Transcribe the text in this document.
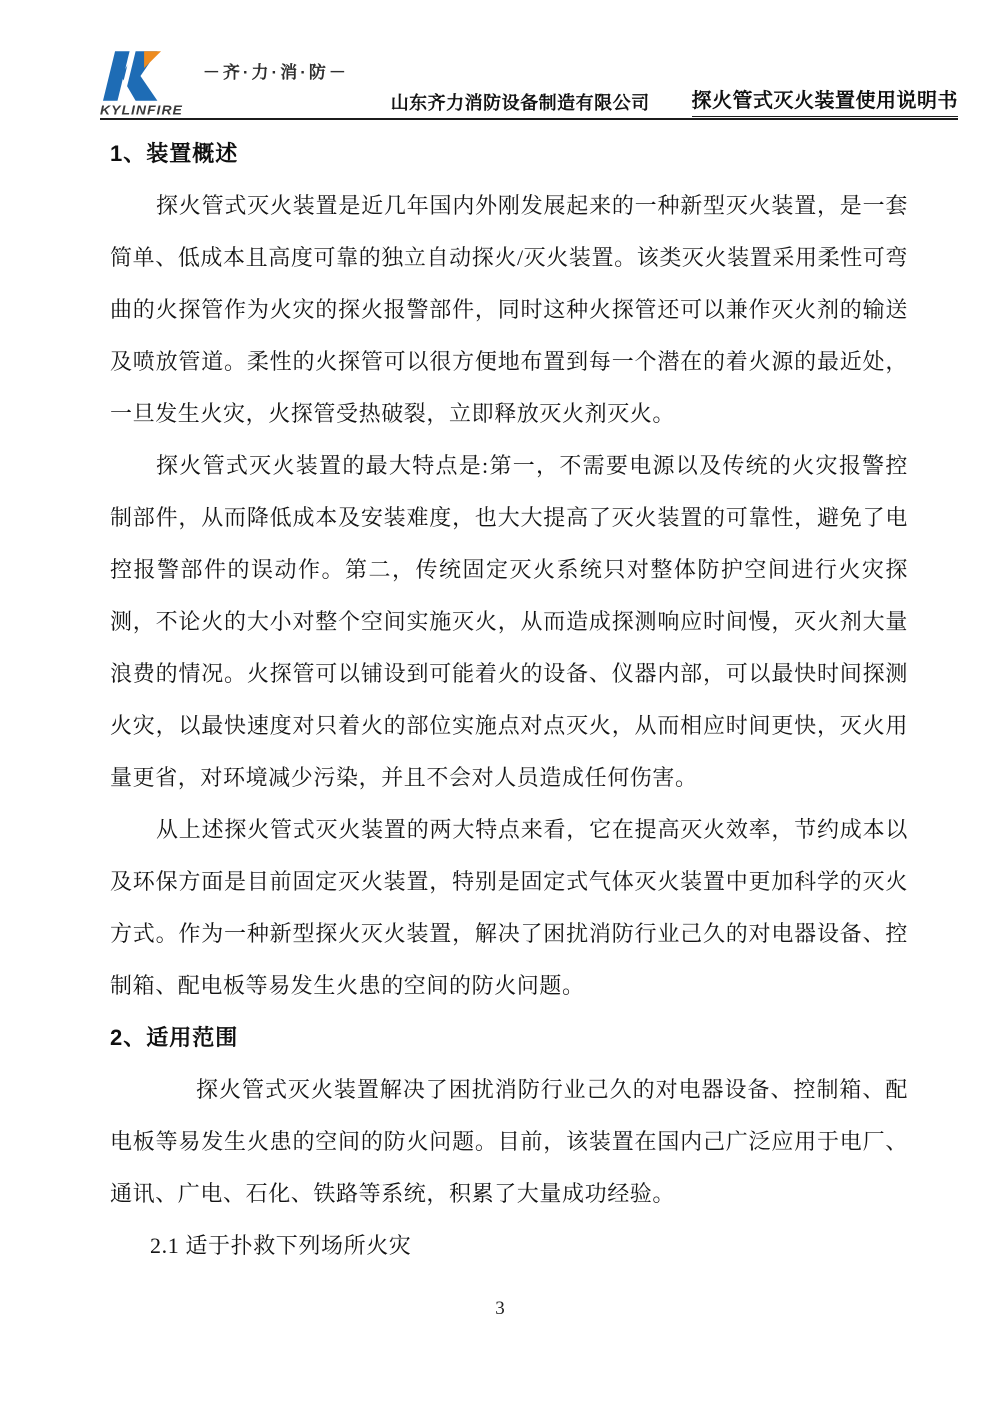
KYLINFIRE
－齐·力·消·防－

山东齐力消防设备制造有限公司 探火管式灭火装置使用说明书

1、装置概述

探火管式灭火装置是近几年国内外刚发展起来的一种新型灭火装置，是一套简单、低成本且高度可靠的独立自动探火/灭火装置。该类灭火装置采用柔性可弯曲的火探管作为火灾的探火报警部件，同时这种火探管还可以兼作灭火剂的输送及喷放管道。柔性的火探管可以很方便地布置到每一个潜在的着火源的最近处，一旦发生火灾，火探管受热破裂，立即释放灭火剂灭火。

探火管式灭火装置的最大特点是:第一，不需要电源以及传统的火灾报警控制部件，从而降低成本及安装难度，也大大提高了灭火装置的可靠性，避免了电控报警部件的误动作。第二，传统固定灭火系统只对整体防护空间进行火灾探测，不论火的大小对整个空间实施灭火，从而造成探测响应时间慢，灭火剂大量浪费的情况。火探管可以铺设到可能着火的设备、仪器内部，可以最快时间探测火灾，以最快速度对只着火的部位实施点对点灭火，从而相应时间更快，灭火用量更省，对环境减少污染，并且不会对人员造成任何伤害。

从上述探火管式灭火装置的两大特点来看，它在提高灭火效率，节约成本以及环保方面是目前固定灭火装置，特别是固定式气体灭火装置中更加科学的灭火方式。作为一种新型探火灭火装置，解决了困扰消防行业己久的对电器设备、控制箱、配电板等易发生火患的空间的防火问题。

2、适用范围

探火管式灭火装置解决了困扰消防行业己久的对电器设备、控制箱、配电板等易发生火患的空间的防火问题。目前，该装置在国内己广泛应用于电厂、通讯、广电、石化、铁路等系统，积累了大量成功经验。

2.1 适于扑救下列场所火灾

3
